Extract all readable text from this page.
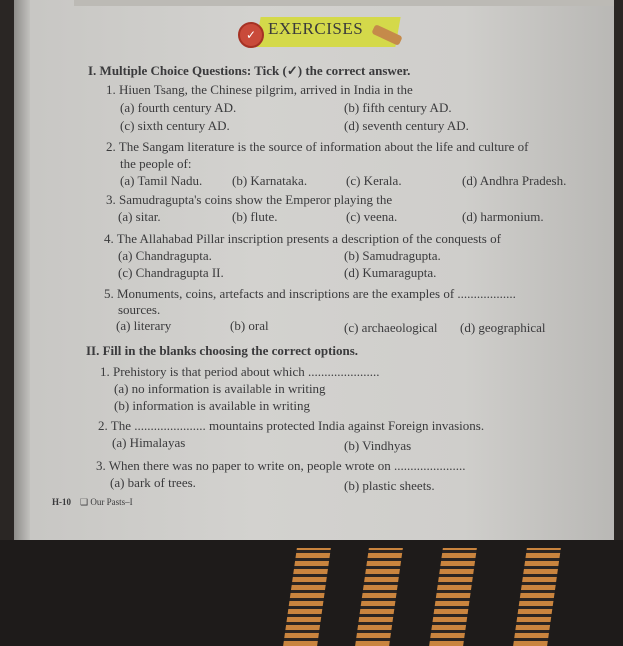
✓ EXERCISES
I. Multiple Choice Questions: Tick (✓) the correct answer.
1. Hiuen Tsang, the Chinese pilgrim, arrived in India in the
(a) fourth century AD.	(b) fifth century AD.
(c) sixth century AD.	(d) seventh century AD.
2. The Sangam literature is the source of information about the life and culture of
the people of:
(a) Tamil Nadu. (b) Karnataka.	(c) Kerala.	(d) Andhra Pradesh.
3. Samudragupta's coins show the Emperor playing the
(a) sitar.	(b) flute.	(c) veena.	(d) harmonium.
4. The Allahabad Pillar inscription presents a description of the conquests of
(a) Chandragupta.	(b) Samudragupta.
(c) Chandragupta II.	(d) Kumaragupta.
5. Monuments, coins, artefacts and inscriptions are the examples of ..................
sources.
(a) literary	(b) oral	(c) archaeological (d) geographical
II. Fill in the blanks choosing the correct options.
1. Prehistory is that period about which ......................
(a) no information is available in writing
(b) information is available in writing
2. The ...................... mountains protected India against Foreign invasions.
(a) Himalayas	(b) Vindhyas
3. When there was no paper to write on, people wrote on ......................
(a) bark of trees.	(b) plastic sheets.
H-10 ❑ Our Pasts–I
